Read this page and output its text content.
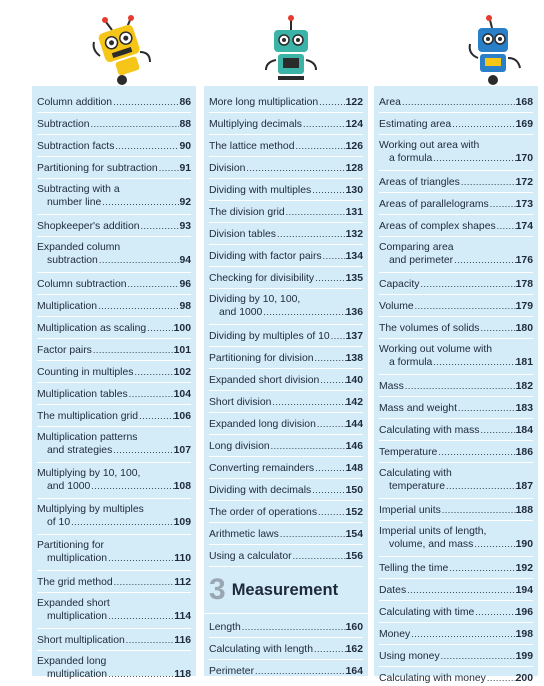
Column addition .....	86
Subtraction .....	88
Subtraction facts .....	90
Partitioning for subtraction ..... 91
Subtracting with a
number line .....	92
Shopkeeper's addition .....	93
Expanded column
subtraction .....	94
Column subtraction .....	96
Multiplication .....	98
Multiplication as scaling .....	100
Factor pairs .....	101
Counting in multiples .....	102
Multiplication tables .....	104
The multiplication grid .....	106
Multiplication patterns
and strategies .....	107
Multiplying by 10, 100,
and 1000 .....	108
Multiplying by multiples
of 10 .....	109
Partitioning for
multiplication .....	110
The grid method .....	112
Expanded short
multiplication .....	114
Short multiplication .....	116
Expanded long
multiplication .....	118
More long multiplication .....	122
Multiplying decimals .....	124
The lattice method .....	126
Division .....	128
Dividing with multiples .....	130
The division grid .....	131
Division tables .....	132
Dividing with factor pairs ..... 134
Checking for divisibility .....	135
Dividing by 10, 100,
and 1000 .....	136
Dividing by multiples of 10 ..... 137
Partitioning for division .....	138
Expanded short division .....	140
Short division .....	142
Expanded long division .....	144
Long division .....	146
Converting remainders .....	148
Dividing with decimals .....	150
The order of operations .....	152
Arithmetic laws .....	154
Using a calculator .....	156
3 Measurement
Length .....	160
Calculating with length .....	162
Perimeter .....	164
Area .....	168
Estimating area .....	169
Working out area with
a formula .....	170
Areas of triangles .....	172
Areas of parallelograms .....	173
Areas of complex shapes ..... 174
Comparing area
and perimeter .....	176
Capacity .....	178
Volume .....	179
The volumes of solids .....	180
Working out volume with
a formula .....	181
Mass .....	182
Mass and weight .....	183
Calculating with mass .....	184
Temperature .....	186
Calculating with
temperature .....	187
Imperial units .....	188
Imperial units of length,
volume, and mass .....	190
Telling the time .....	192
Dates .....	194
Calculating with time .....	196
Money .....	198
Using money .....	199
Calculating with money .....	200
